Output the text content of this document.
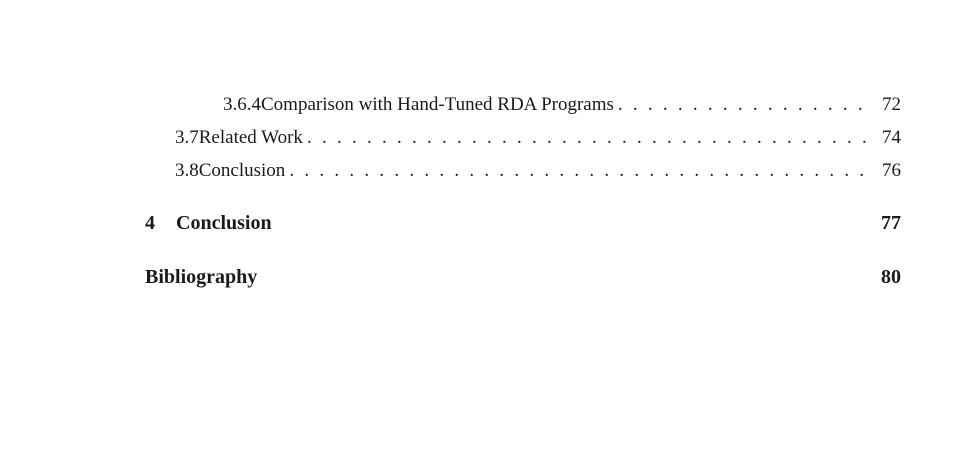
3.6.4 Comparison with Hand-Tuned RDA Programs . . .	72
3.7 Related Work . . .	74
3.8 Conclusion . . .	76
4	Conclusion	77
Bibliography	80
